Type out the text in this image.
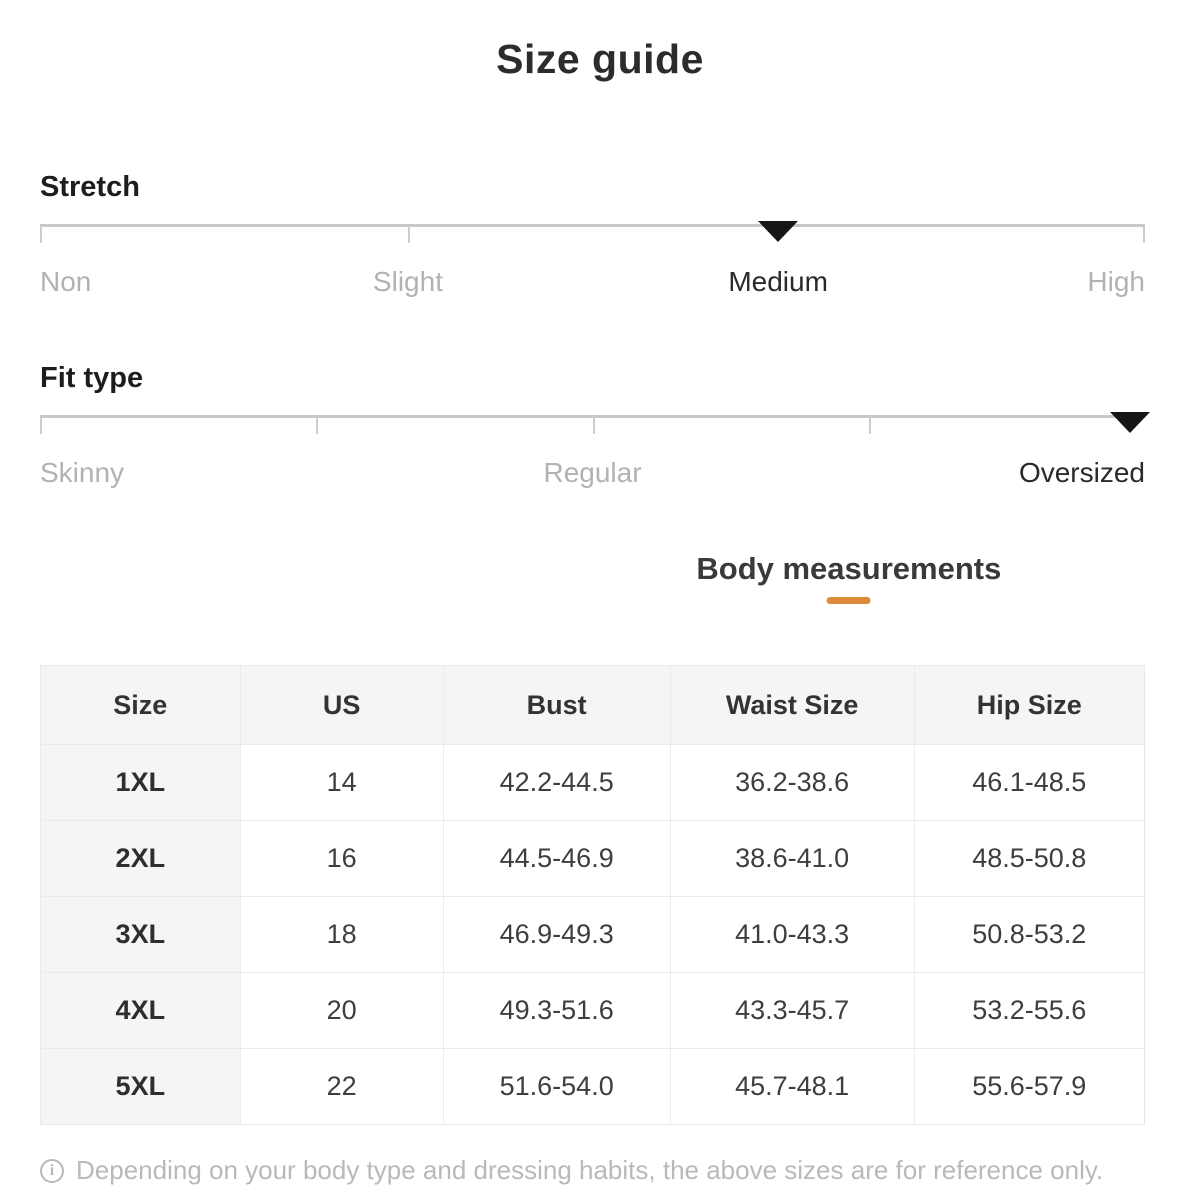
Size guide
Stretch
Non	Slight	Medium	High
Fit type
Skinny	Regular	Oversized
Body measurements
Size	US	Bust	Waist Size	Hip Size
1XL	14	42.2-44.5	36.2-38.6	46.1-48.5
2XL	16	44.5-46.9	38.6-41.0	48.5-50.8
3XL	18	46.9-49.3	41.0-43.3	50.8-53.2
4XL	20	49.3-51.6	43.3-45.7	53.2-55.6
5XL	22	51.6-54.0	45.7-48.1	55.6-57.9
i Depending on your body type and dressing habits, the above sizes are for reference only.
